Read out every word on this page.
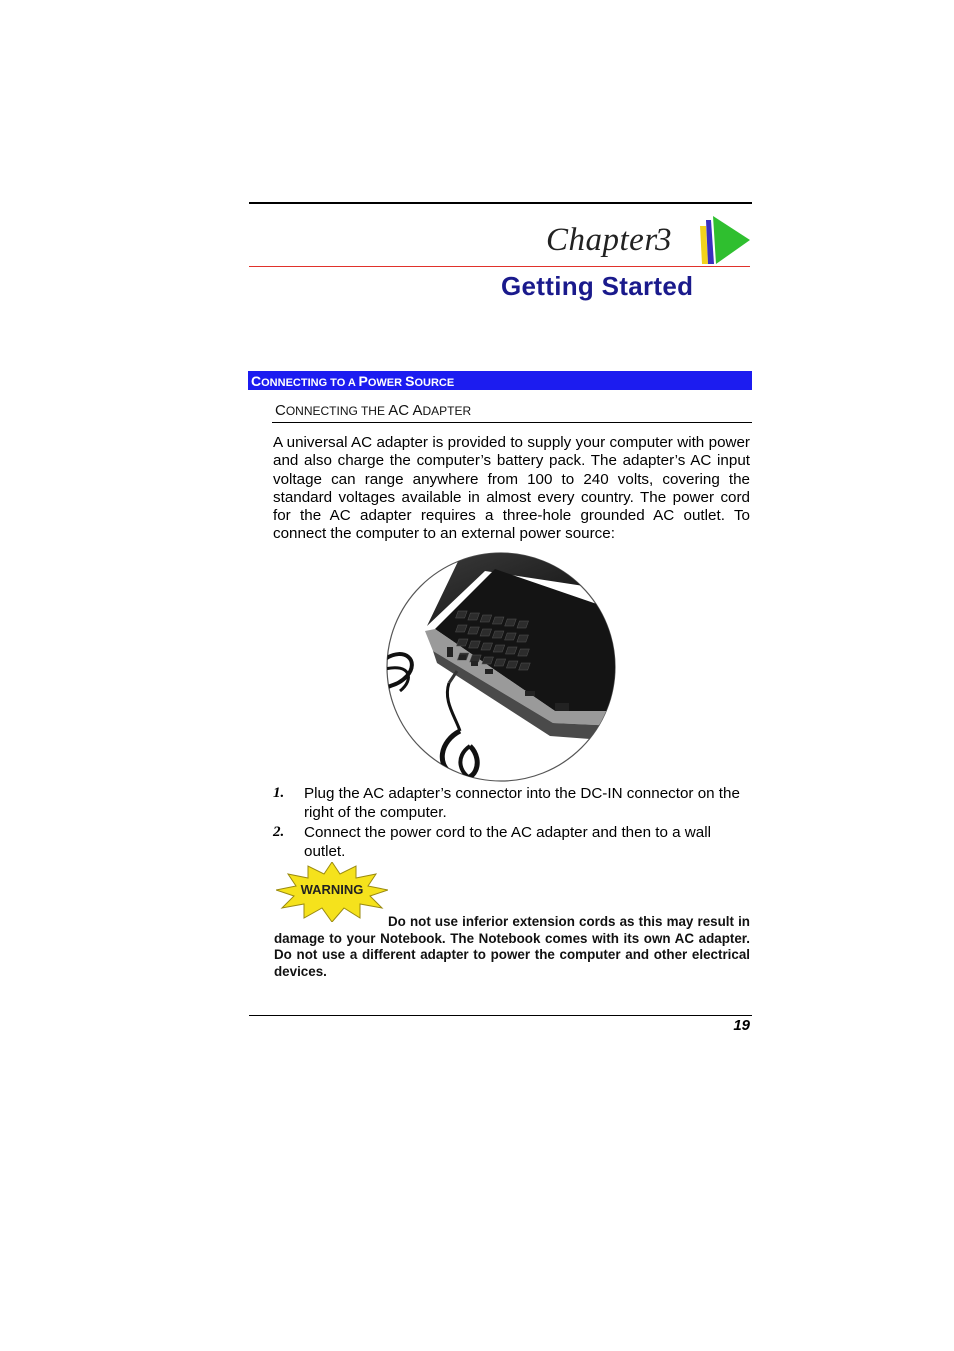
Chapter
3
Getting Started
CONNECTING TO A POWER SOURCE
CONNECTING THE AC ADAPTER
A universal AC adapter is provided to supply your computer with power and also charge the computer’s battery pack. The adapter’s AC input voltage can range anywhere from 100 to 240 volts, covering the standard voltages available in almost every country. The power cord for the AC adapter requires a three-hole grounded AC outlet. To connect the computer to an external power source:
1. Plug the AC adapter’s connector into the DC-IN connector on the right of the computer.
2. Connect the power cord to the AC adapter and then to a wall outlet.
WARNING
Do not use inferior extension cords as this may result in damage to your Notebook. The Notebook comes with its own AC adapter. Do not use a different adapter to power the computer and other electrical devices.
19
